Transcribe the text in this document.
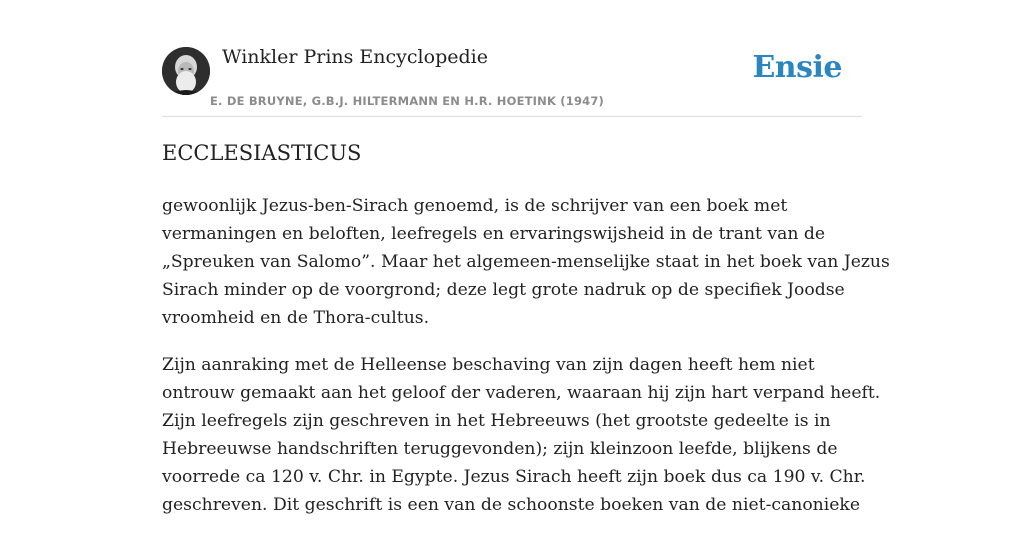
Winkler Prins Encyclopedie
E. DE BRUYNE, G.B.J. HILTERMANN EN H.R. HOETINK (1947)
Ensie
ECCLESIASTICUS

gewoonlijk Jezus-ben-Sirach genoemd, is de schrijver van een boek met
vermaningen en beloften, leefregels en ervaringswijsheid in de trant van de
„Spreuken van Salomo”. Maar het algemeen-menselijke staat in het boek van Jezus
Sirach minder op de voorgrond; deze legt grote nadruk op de specifiek Joodse
vroomheid en de Thora-cultus.

Zijn aanraking met de Helleense beschaving van zijn dagen heeft hem niet
ontrouw gemaakt aan het geloof der vaderen, waaraan hij zijn hart verpand heeft.
Zijn leefregels zijn geschreven in het Hebreeuws (het grootste gedeelte is in
Hebreeuwse handschriften teruggevonden); zijn kleinzoon leefde, blijkens de
voorrede ca 120 v. Chr. in Egypte. Jezus Sirach heeft zijn boek dus ca 190 v. Chr.
geschreven. Dit geschrift is een van de schoonste boeken van de niet-canonieke
